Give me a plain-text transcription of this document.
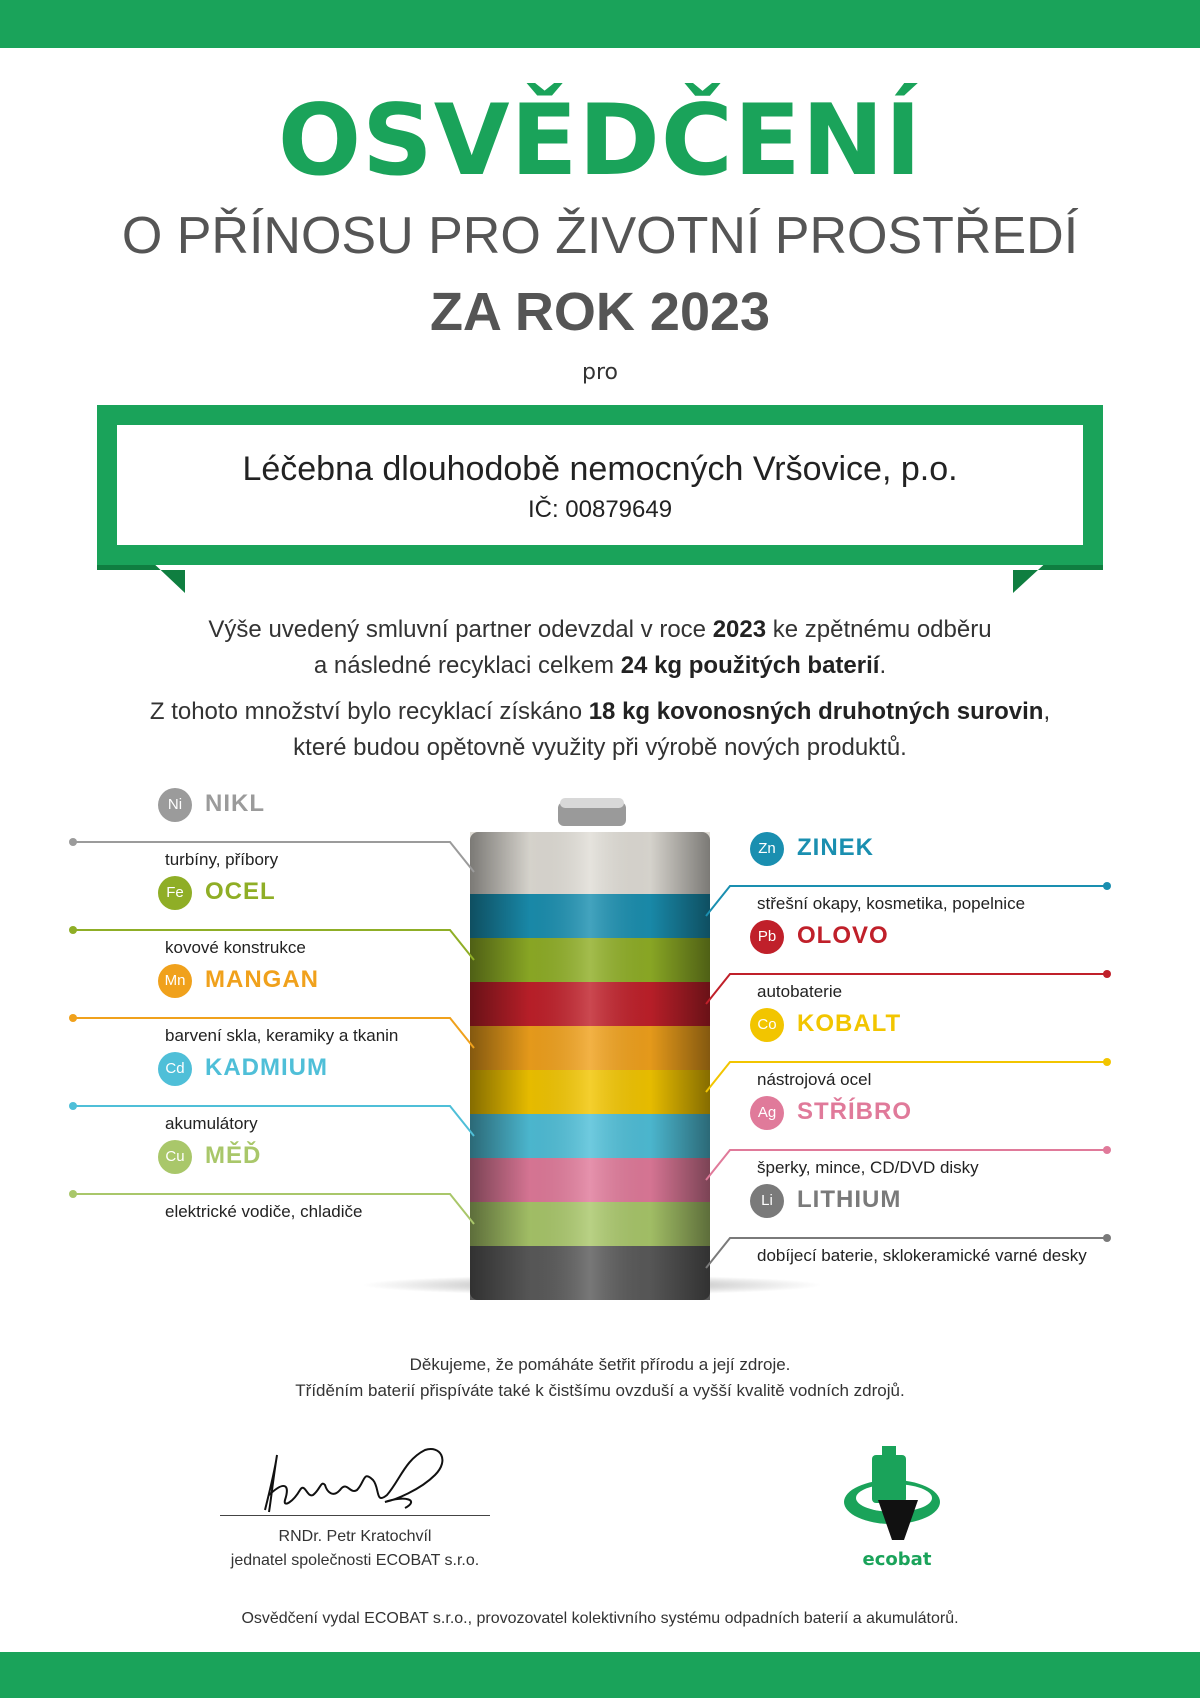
OSVĚDČENÍ
O PŘÍNOSU PRO ŽIVOTNÍ PROSTŘEDÍ
ZA ROK 2023
pro
Léčebna dlouhodobě nemocných Vršovice, p.o.
IČ: 00879649
Výše uvedený smluvní partner odevzdal v roce 2023 ke zpětnému odběru
a následné recyklaci celkem 24 kg použitých baterií.
Z tohoto množství bylo recyklací získáno 18 kg kovonosných druhotných surovin,
které budou opětovně využity při výrobě nových produktů.
Ni NIKL
turbíny, příbory
Fe OCEL
kovové konstrukce
Mn MANGAN
barvení skla, keramiky a tkanin
Cd KADMIUM
akumulátory
Cu MĚĎ
elektrické vodiče, chladiče
Zn ZINEK
střešní okapy, kosmetika, popelnice
Pb OLOVO
autobaterie
Co KOBALT
nástrojová ocel
Ag STŘÍBRO
šperky, mince, CD/DVD disky
Li	LITHIUM
dobíjecí baterie, sklokeramické varné desky
Děkujeme, že pomáháte šetřit přírodu a její zdroje.
Tříděním baterií přispíváte také k čistšímu ovzduší a vyšší kvalitě vodních zdrojů.
RNDr. Petr Kratochvíl
jednatel společnosti ECOBAT s.r.o.	ecobat
Osvědčení vydal ECOBAT s.r.o., provozovatel kolektivního systému odpadních baterií a akumulátorů.
